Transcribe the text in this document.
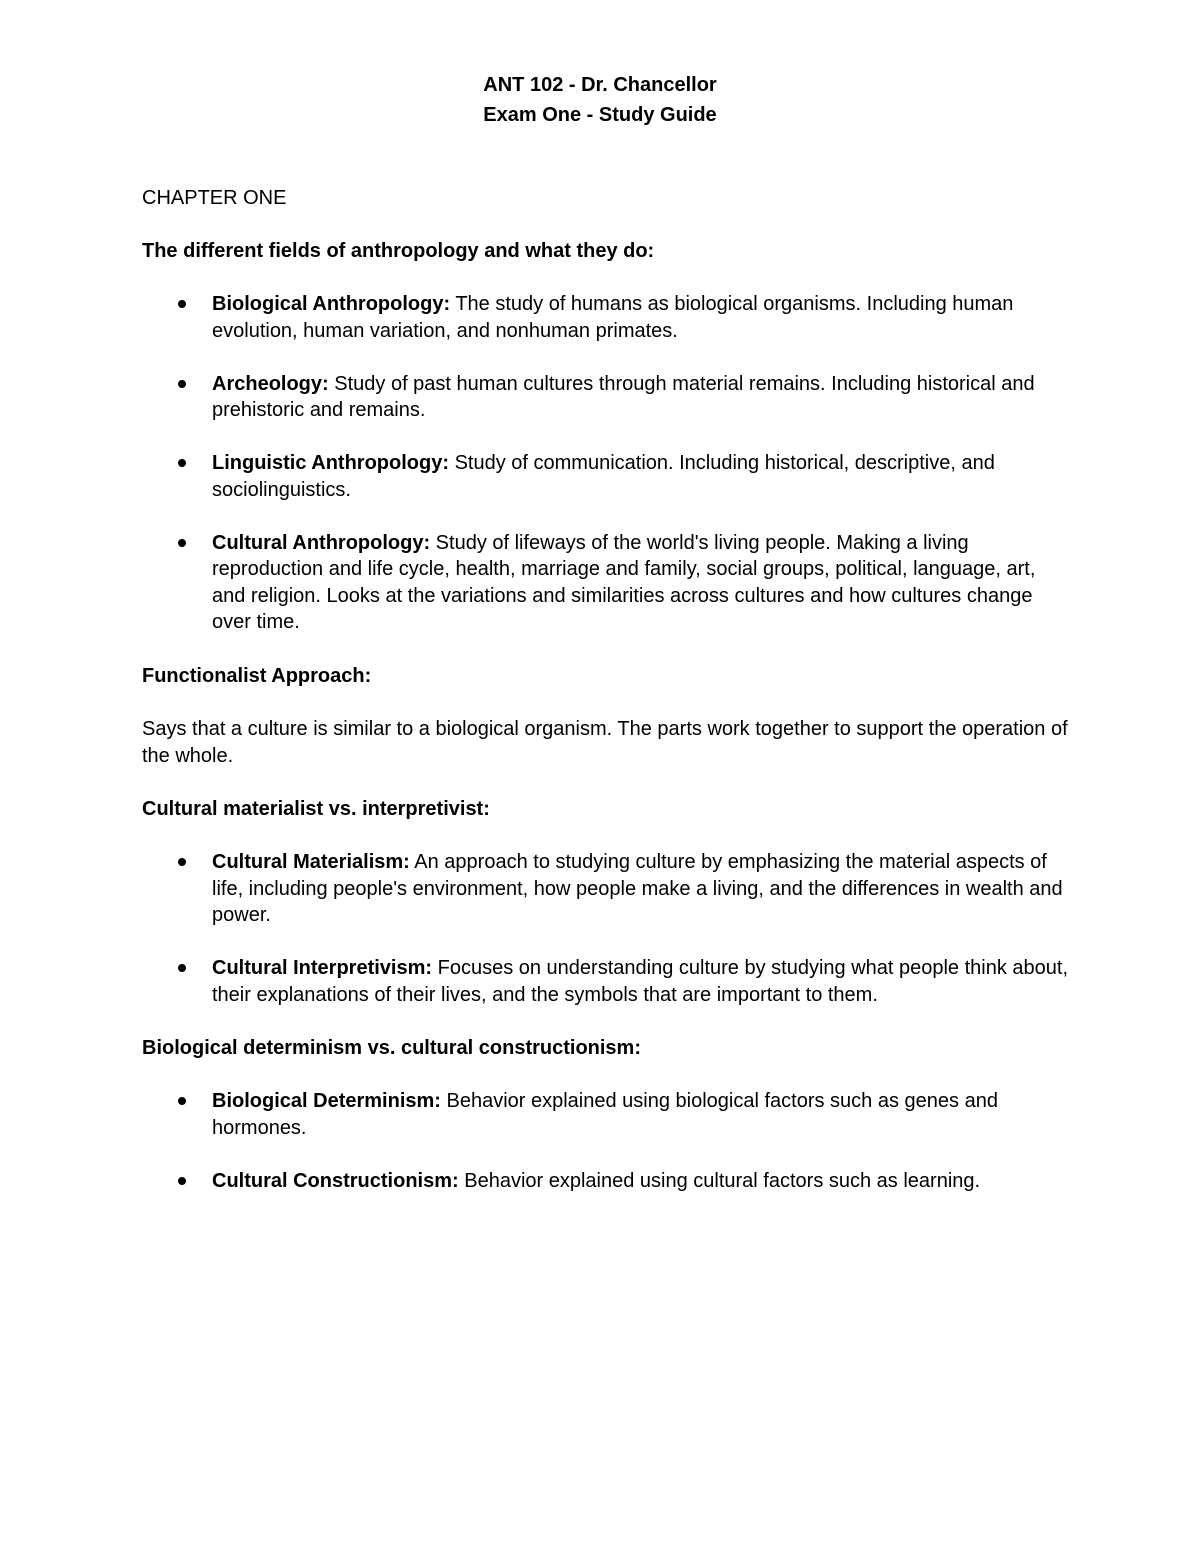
ANT 102 - Dr. Chancellor
Exam One - Study Guide
CHAPTER ONE
The different fields of anthropology and what they do:
Biological Anthropology: The study of humans as biological organisms. Including human evolution, human variation, and nonhuman primates.
Archeology: Study of past human cultures through material remains. Including historical and prehistoric and remains.
Linguistic Anthropology: Study of communication. Including historical, descriptive, and sociolinguistics.
Cultural Anthropology: Study of lifeways of the world's living people. Making a living reproduction and life cycle, health, marriage and family, social groups, political, language, art, and religion. Looks at the variations and similarities across cultures and how cultures change over time.
Functionalist Approach:
Says that a culture is similar to a biological organism. The parts work together to support the operation of the whole.
Cultural materialist vs. interpretivist:
Cultural Materialism: An approach to studying culture by emphasizing the material aspects of life, including people's environment, how people make a living, and the differences in wealth and power.
Cultural Interpretivism: Focuses on understanding culture by studying what people think about, their explanations of their lives, and the symbols that are important to them.
Biological determinism vs. cultural constructionism:
Biological Determinism: Behavior explained using biological factors such as genes and hormones.
Cultural Constructionism: Behavior explained using cultural factors such as learning.
